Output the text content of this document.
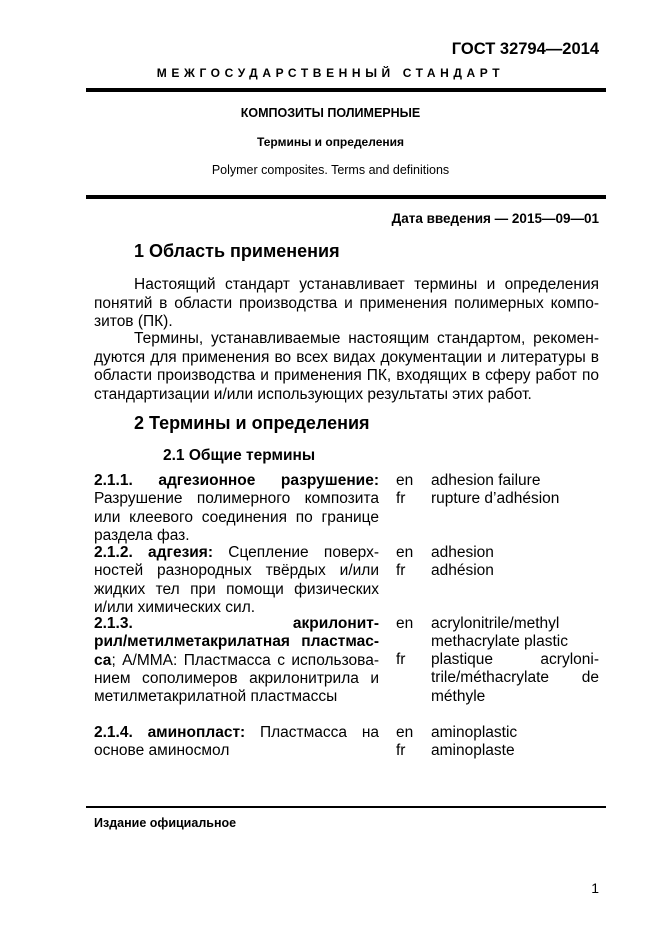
ГОСТ 32794—2014
МЕЖГОСУДАРСТВЕННЫЙ СТАНДАРТ
КОМПОЗИТЫ ПОЛИМЕРНЫЕ
Термины и определения
Polymer composites. Terms and definitions
Дата введения — 2015—09—01
1 Область применения
Настоящий стандарт устанавливает термины и определения
понятий в области производства и применения полимерных компо-
зитов (ПК).
Термины, устанавливаемые настоящим стандартом, рекомен-
дуются для применения во всех видах документации и литературы в
области производства и применения ПК, входящих в сферу работ по
стандартизации и/или использующих результаты этих работ.
2 Термины и определения
2.1 Общие термины
2.1.1. адгезионное разрушение:
Разрушение полимерного композита
или клеевого соединения по границе
раздела фаз.
en adhesion failure
fr rupture d’adhésion
2.1.2. адгезия: Сцепление поверх-
ностей разнородных твёрдых и/или
жидких тел при помощи физических
и/или химических сил.
en adhesion
fr adhésion
2.1.3.	акрилонит-
рил/метилметакрилатная пластмас-
са; А/ММА: Пластмасса с использова-
нием сополимеров акрилонитрила и
метилметакрилатной пластмассы
en acrylonitrile/methyl
methacrylate plastic
fr plastique acryloni-
trile/méthacrylate de
méthyle
2.1.4. аминопласт: Пластмасса на
основе аминосмол
en aminoplastic
fr aminoplaste
Издание официальное
1
